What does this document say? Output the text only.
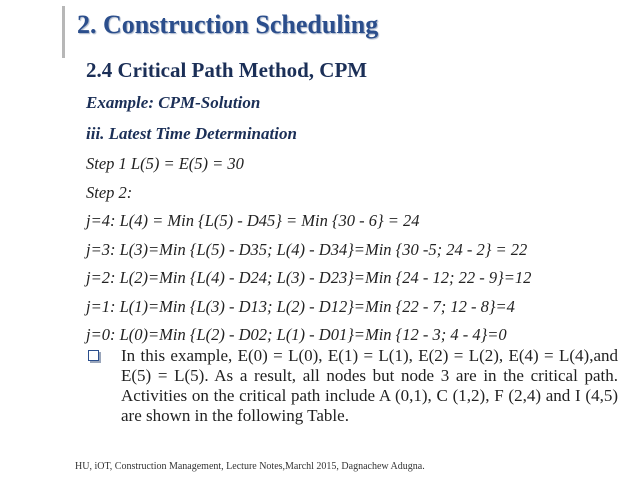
2. Construction Scheduling
2.4 Critical Path Method, CPM
Example: CPM-Solution
iii. Latest Time Determination
Step 1 L(5) = E(5) = 30
Step 2:
j=4: L(4) = Min {L(5) - D45} = Min {30 - 6} = 24
j=3: L(3)=Min {L(5) - D35; L(4) - D34}=Min {30 -5; 24 - 2} = 22
j=2: L(2)=Min {L(4) - D24; L(3) - D23}=Min {24 - 12; 22 - 9}=12
j=1: L(1)=Min {L(3) - D13; L(2) - D12}=Min {22 - 7; 12 - 8}=4
j=0: L(0)=Min {L(2) - D02; L(1) - D01}=Min {12 - 3; 4 - 4}=0
In this example, E(0) = L(0), E(1) = L(1), E(2) = L(2), E(4) = L(4),and E(5) = L(5). As a result, all nodes but node 3 are in the critical path. Activities on the critical path include A (0,1), C (1,2), F (2,4) and I (4,5) are shown in the following Table.
HU, iOT, Construction Management, Lecture Notes,Marchl 2015, Dagnachew Adugna.
